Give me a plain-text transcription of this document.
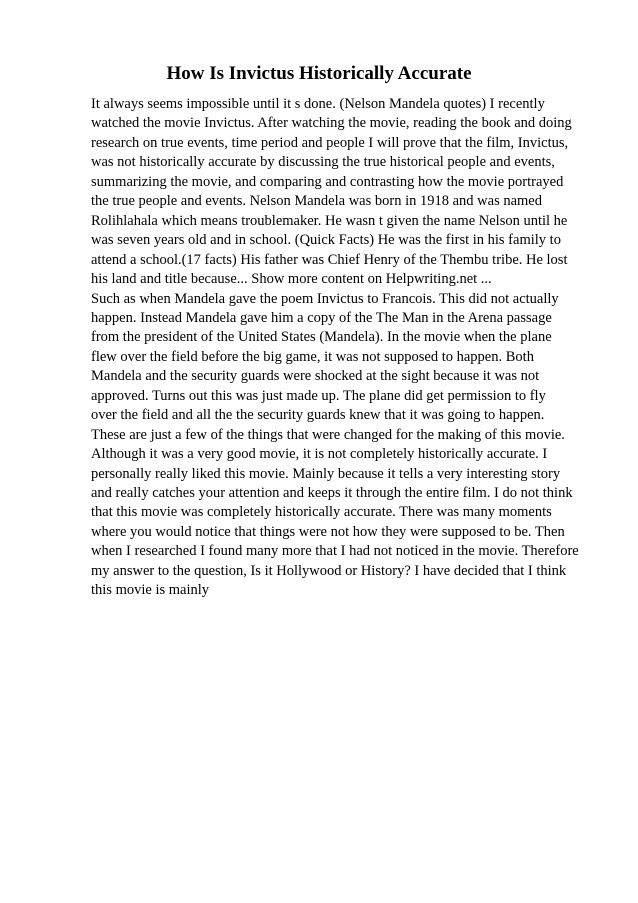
How Is Invictus Historically Accurate

It always seems impossible until it s done. (Nelson Mandela quotes) I recently

watched the movie Invictus. After watching the movie, reading the book and doing

research on true events, time period and people I will prove that the film, Invictus,

was not historically accurate by discussing the true historical people and events,

summarizing the movie, and comparing and contrasting how the movie portrayed

the true people and events. Nelson Mandela was born in 1918 and was named

Rolihlahala which means troublemaker. He wasn t given the name Nelson until he

was seven years old and in school. (Quick Facts) He was the first in his family to

attend a school.(17 facts) His father was Chief Henry of the Thembu tribe. He lost

his land and title because... Show more content on Helpwriting.net ...

Such as when Mandela gave the poem Invictus to Francois. This did not actually

happen. Instead Mandela gave him a copy of the The Man in the Arena passage

from the president of the United States (Mandela). In the movie when the plane

flew over the field before the big game, it was not supposed to happen. Both

Mandela and the security guards were shocked at the sight because it was not

approved. Turns out this was just made up. The plane did get permission to fly

over the field and all the the security guards knew that it was going to happen.

These are just a few of the things that were changed for the making of this movie.

Although it was a very good movie, it is not completely historically accurate. I

personally really liked this movie. Mainly because it tells a very interesting story

and really catches your attention and keeps it through the entire film. I do not think

that this movie was completely historically accurate. There was many moments

where you would notice that things were not how they were supposed to be. Then

when I researched I found many more that I had not noticed in the movie. Therefore

my answer to the question, Is it Hollywood or History? I have decided that I think

this movie is mainly
